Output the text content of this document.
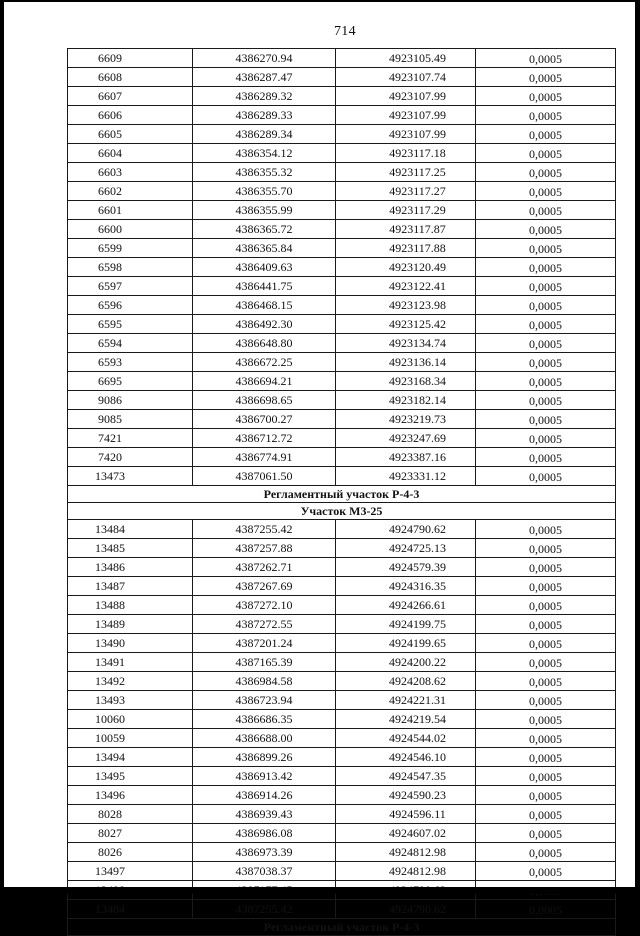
714
6609	4386270.94	4923105.49	0,0005
6608	4386287.47	4923107.74	0,0005
6607	4386289.32	4923107.99	0,0005
6606	4386289.33	4923107.99	0,0005
6605	4386289.34	4923107.99	0,0005
6604	4386354.12	4923117.18	0,0005
6603	4386355.32	4923117.25	0,0005
6602	4386355.70	4923117.27	0,0005
6601	4386355.99	4923117.29	0,0005
6600	4386365.72	4923117.87	0,0005
6599	4386365.84	4923117.88	0,0005
6598	4386409.63	4923120.49	0,0005
6597	4386441.75	4923122.41	0,0005
6596	4386468.15	4923123.98	0,0005
6595	4386492.30	4923125.42	0,0005
6594	4386648.80	4923134.74	0,0005
6593	4386672.25	4923136.14	0,0005
6695	4386694.21	4923168.34	0,0005
9086	4386698.65	4923182.14	0,0005
9085	4386700.27	4923219.73	0,0005
7421	4386712.72	4923247.69	0,0005
7420	4386774.91	4923387.16	0,0005
13473	4387061.50	4923331.12	0,0005
Регламентный участок Р-4-3			
Участок М3-25			
13484	4387255.42	4924790.62	0,0005
13485	4387257.88	4924725.13	0,0005
13486	4387262.71	4924579.39	0,0005
13487	4387267.69	4924316.35	0,0005
13488	4387272.10	4924266.61	0,0005
13489	4387272.55	4924199.75	0,0005
13490	4387201.24	4924199.65	0,0005
13491	4387165.39	4924200.22	0,0005
13492	4386984.58	4924208.62	0,0005
13493	4386723.94	4924221.31	0,0005
10060	4386686.35	4924219.54	0,0005
10059	4386688.00	4924544.02	0,0005
13494	4386899.26	4924546.10	0,0005
13495	4386913.42	4924547.35	0,0005
13496	4386914.26	4924590.23	0,0005
8028	4386939.43	4924596.11	0,0005
8027	4386986.08	4924607.02	0,0005
8026	4386973.39	4924812.98	0,0005
13497	4387038.37	4924812.98	0,0005

13484	4387255.42	4924790.62	0,0005
Регламентный участок Р-4-3			
